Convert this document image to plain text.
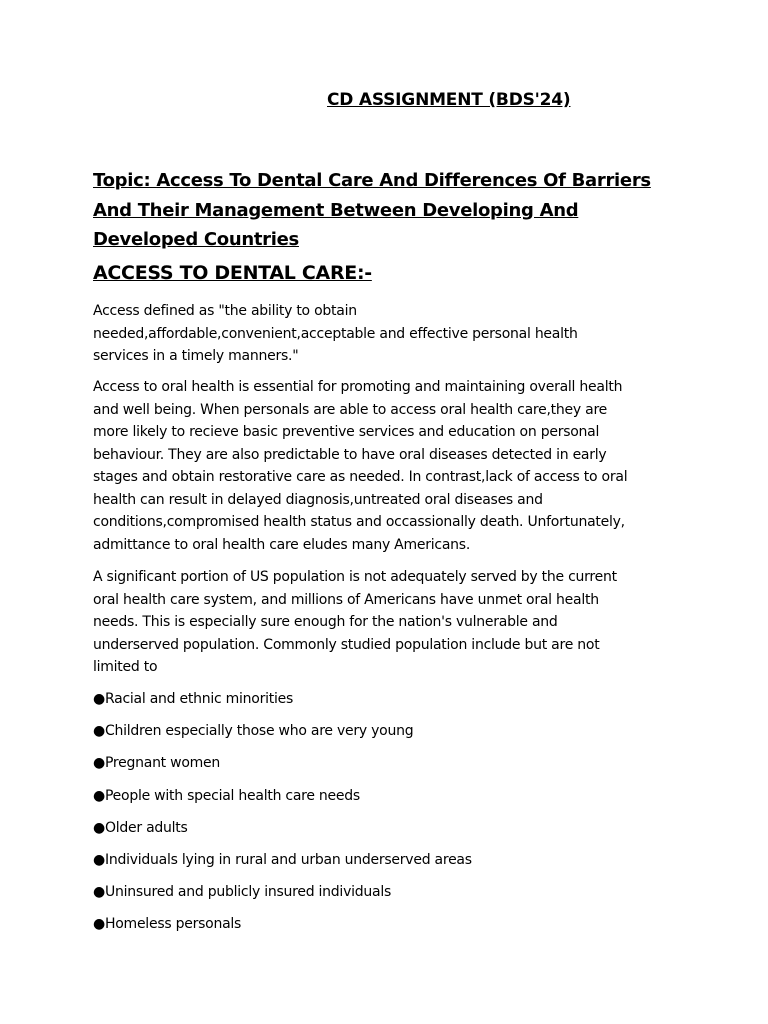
CD ASSIGNMENT (BDS'24)
Topic: Access To Dental Care And Differences Of Barriers
And Their Management Between Developing And
Developed Countries
ACCESS TO DENTAL CARE:-

Access defined as "the ability to obtain
needed,affordable,convenient,acceptable and effective personal health
services in a timely manners."

Access to oral health is essential for promoting and maintaining overall health
and well being. When personals are able to access oral health care,they are
more likely to recieve basic preventive services and education on personal
behaviour. They are also predictable to have oral diseases detected in early
stages and obtain restorative care as needed. In contrast,lack of access to oral
health can result in delayed diagnosis,untreated oral diseases and
conditions,compromised health status and occassionally death. Unfortunately,
admittance to oral health care eludes many Americans.

A significant portion of US population is not adequately served by the current
oral health care system, and millions of Americans have unmet oral health
needs. This is especially sure enough for the nation's vulnerable and
underserved population. Commonly studied population include but are not
limited to

●Racial and ethnic minorities
●Children especially those who are very young
●Pregnant women
●People with special health care needs
●Older adults
●Individuals lying in rural and urban underserved areas
●Uninsured and publicly insured individuals
●Homeless personals
